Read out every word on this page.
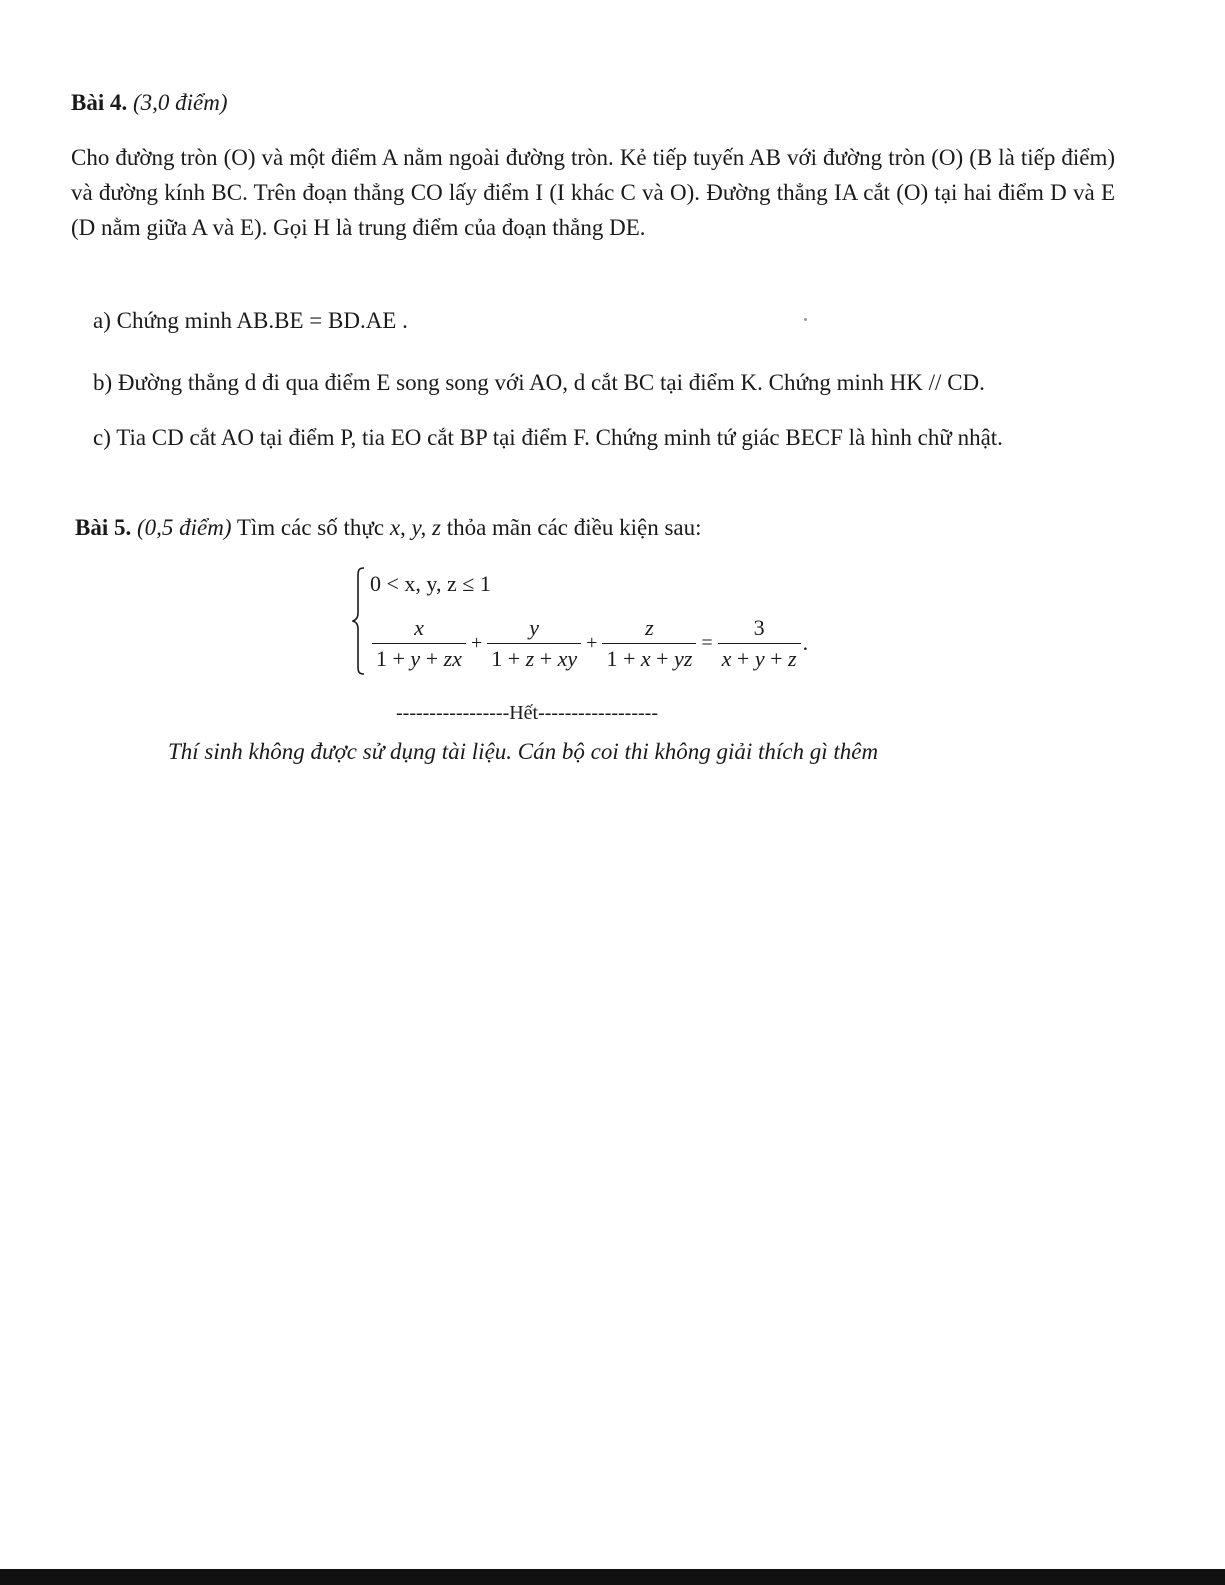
Bài 4. (3,0 điểm)
Cho đường tròn (O) và một điểm A nằm ngoài đường tròn. Kẻ tiếp tuyến AB với đường tròn (O) (B là tiếp điểm) và đường kính BC. Trên đoạn thẳng CO lấy điểm I (I khác C và O). Đường thẳng IA cắt (O) tại hai điểm D và E (D nằm giữa A và E). Gọi H là trung điểm của đoạn thẳng DE.
a) Chứng minh AB.BE = BD.AE .
b) Đường thẳng d đi qua điểm E song song với AO, d cắt BC tại điểm K. Chứng minh HK // CD.
c) Tia CD cắt AO tại điểm P, tia EO cắt BP tại điểm F. Chứng minh tứ giác BECF là hình chữ nhật.
Bài 5. (0,5 điểm) Tìm các số thực x, y, z thỏa mãn các điều kiện sau:
0 < x, y, z ≤ 1
$\frac{x}{1 + y + zx} + \frac{y}{1 + z + xy} + \frac{z}{1 + x + yz} = \frac{3}{x + y + z}$ .
-----------------Hết------------------
Thí sinh không được sử dụng tài liệu. Cán bộ coi thi không giải thích gì thêm
